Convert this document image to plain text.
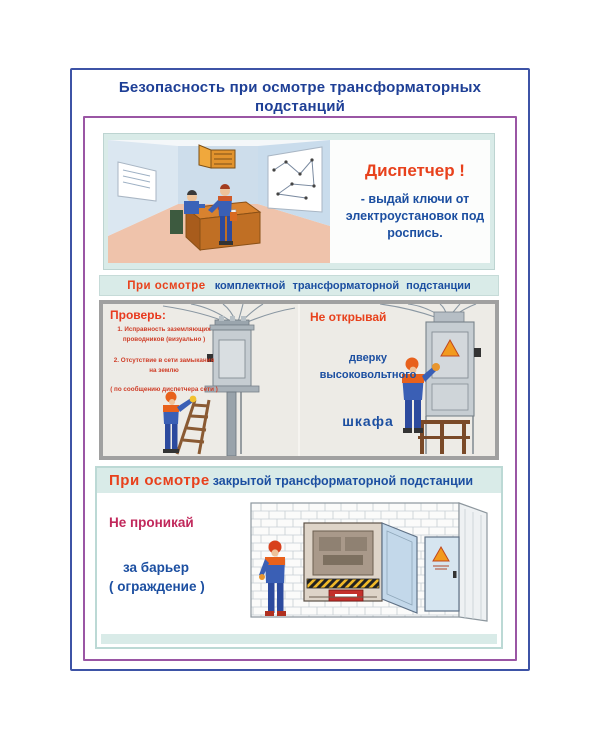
Безопасность при осмотре трансформаторных подстанций
Диспетчер !
- выдай ключи от электроустановок под роспись.
При осмотре комплектной трансформаторной подстанции
Проверь:
1. Исправность заземляющих проводников (визуально )
2. Отсутствие в сети замыкания на землю
( по сообщению диспетчера сети )
Не открывай
дверку высоковольтного
шкафа
При осмотре закрытой трансформаторной подстанции
Не проникай
за барьер
( ограждение )
